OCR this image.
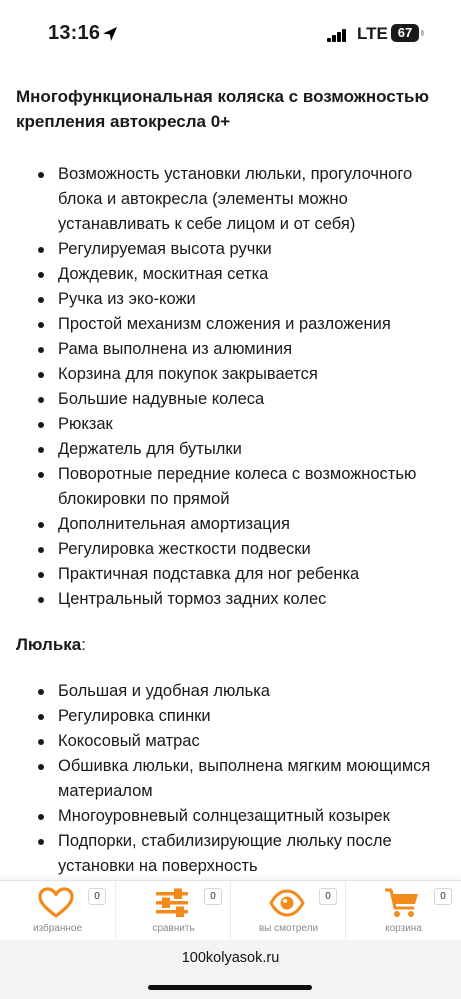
13:16	LTE 67
Многофункциональная коляска с возможностью крепления автокресла 0+
Возможность установки люльки, прогулочного блока и автокресла (элементы можно устанавливать к себе лицом и от себя)
Регулируемая высота ручки
Дождевик, москитная сетка
Ручка из эко-кожи
Простой механизм сложения и разложения
Рама выполнена из алюминия
Корзина для покупок закрывается
Большие надувные колеса
Рюкзак
Держатель для бутылки
Поворотные передние колеса с возможностью блокировки по прямой
Дополнительная амортизация
Регулировка жесткости подвески
Практичная подставка для ног ребенка
Центральный тормоз задних колес

Люлька:

Большая и удобная люлька
Регулировка спинки
Кокосовый матрас
Обшивка люльки, выполнена мягким моющимся материалом
Многоуровневый солнцезащитный козырек
Подпорки, стабилизирующие люльку после установки на поверхность
0
избранное
0
сравнить
0
вы смотрели
0
корзина
100kolyasok.ru
